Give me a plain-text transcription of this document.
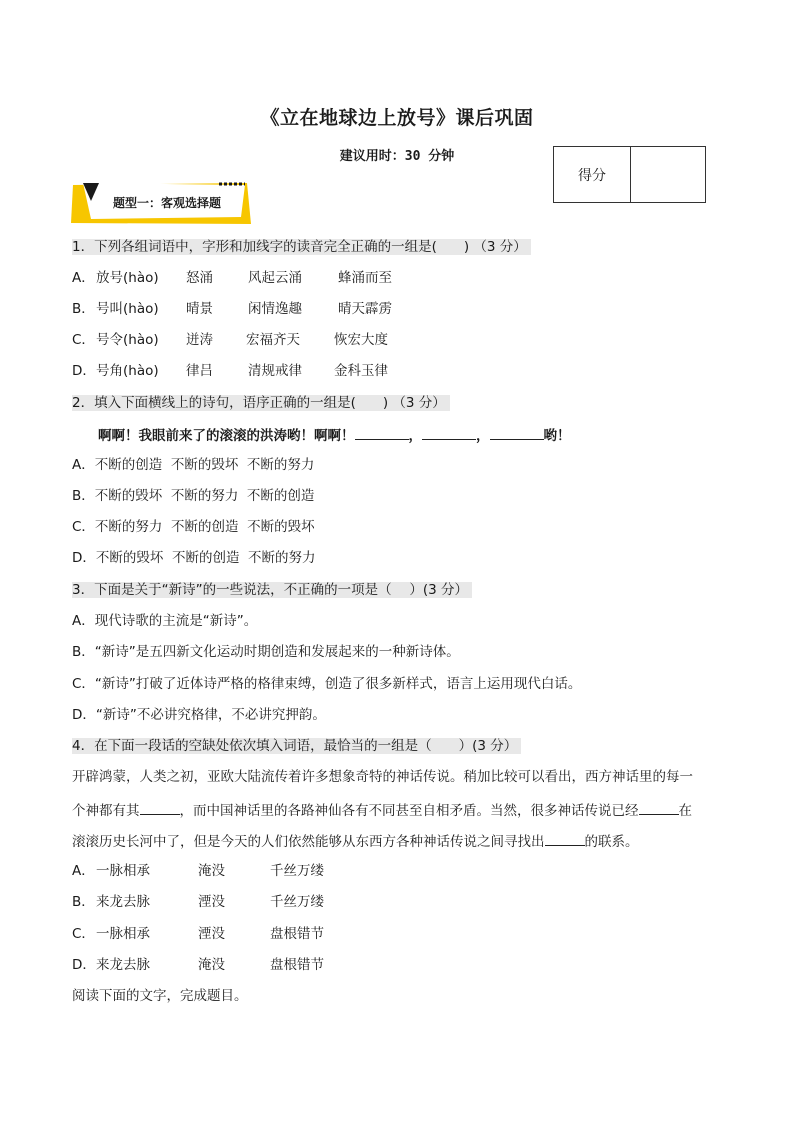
《立在地球边上放号》课后巩固
建议用时：30 分钟
得分
题型一：客观选择题
1．下列各组词语中，字形和加线字的读音完全正确的一组是(　　) （3 分）
A．放号(hào) 怒涌	风起云涌	蜂涌而至
B．号叫(hào) 晴景	闲情逸趣	晴天霹雳
C．号令(hào) 迸涛 宏福齐天	恢宏大度
D．号角(hào) 律吕	清规戒律 金科玉律
2．填入下面横线上的诗句，语序正确的一组是(　　) （3 分）
啊啊！我眼前来了的滚滚的洪涛哟！啊啊！	，	，	哟！
A．不断的创造  不断的毁坏  不断的努力
B．不断的毁坏  不断的努力  不断的创造
C．不断的努力  不断的创造  不断的毁坏
D．不断的毁坏  不断的创造  不断的努力
3．下面是关于“新诗”的一些说法，不正确的一项是（　 ）(3 分）
A．现代诗歌的主流是“新诗”。
B．“新诗”是五四新文化运动时期创造和发展起来的一种新诗体。
C．“新诗”打破了近体诗严格的格律束缚，创造了很多新样式，语言上运用现代白话。
D．“新诗”不必讲究格律，不必讲究押韵。
4．在下面一段话的空缺处依次填入词语，最恰当的一组是（　　）(3 分）
开辟鸿蒙，人类之初，亚欧大陆流传着许多想象奇特的神话传说。稍加比较可以看出，西方神话里的每一
个神都有其	，而中国神话里的各路神仙各有不同甚至自相矛盾。当然，很多神话传说已经	在
滚滚历史长河中了，但是今天的人们依然能够从东西方各种神话传说之间寻找出	的联系。
A．一脉相承	淹没	千丝万缕
B．来龙去脉	湮没	千丝万缕
C．一脉相承	湮没	盘根错节
D．来龙去脉	淹没	盘根错节
阅读下面的文字，完成题目。
